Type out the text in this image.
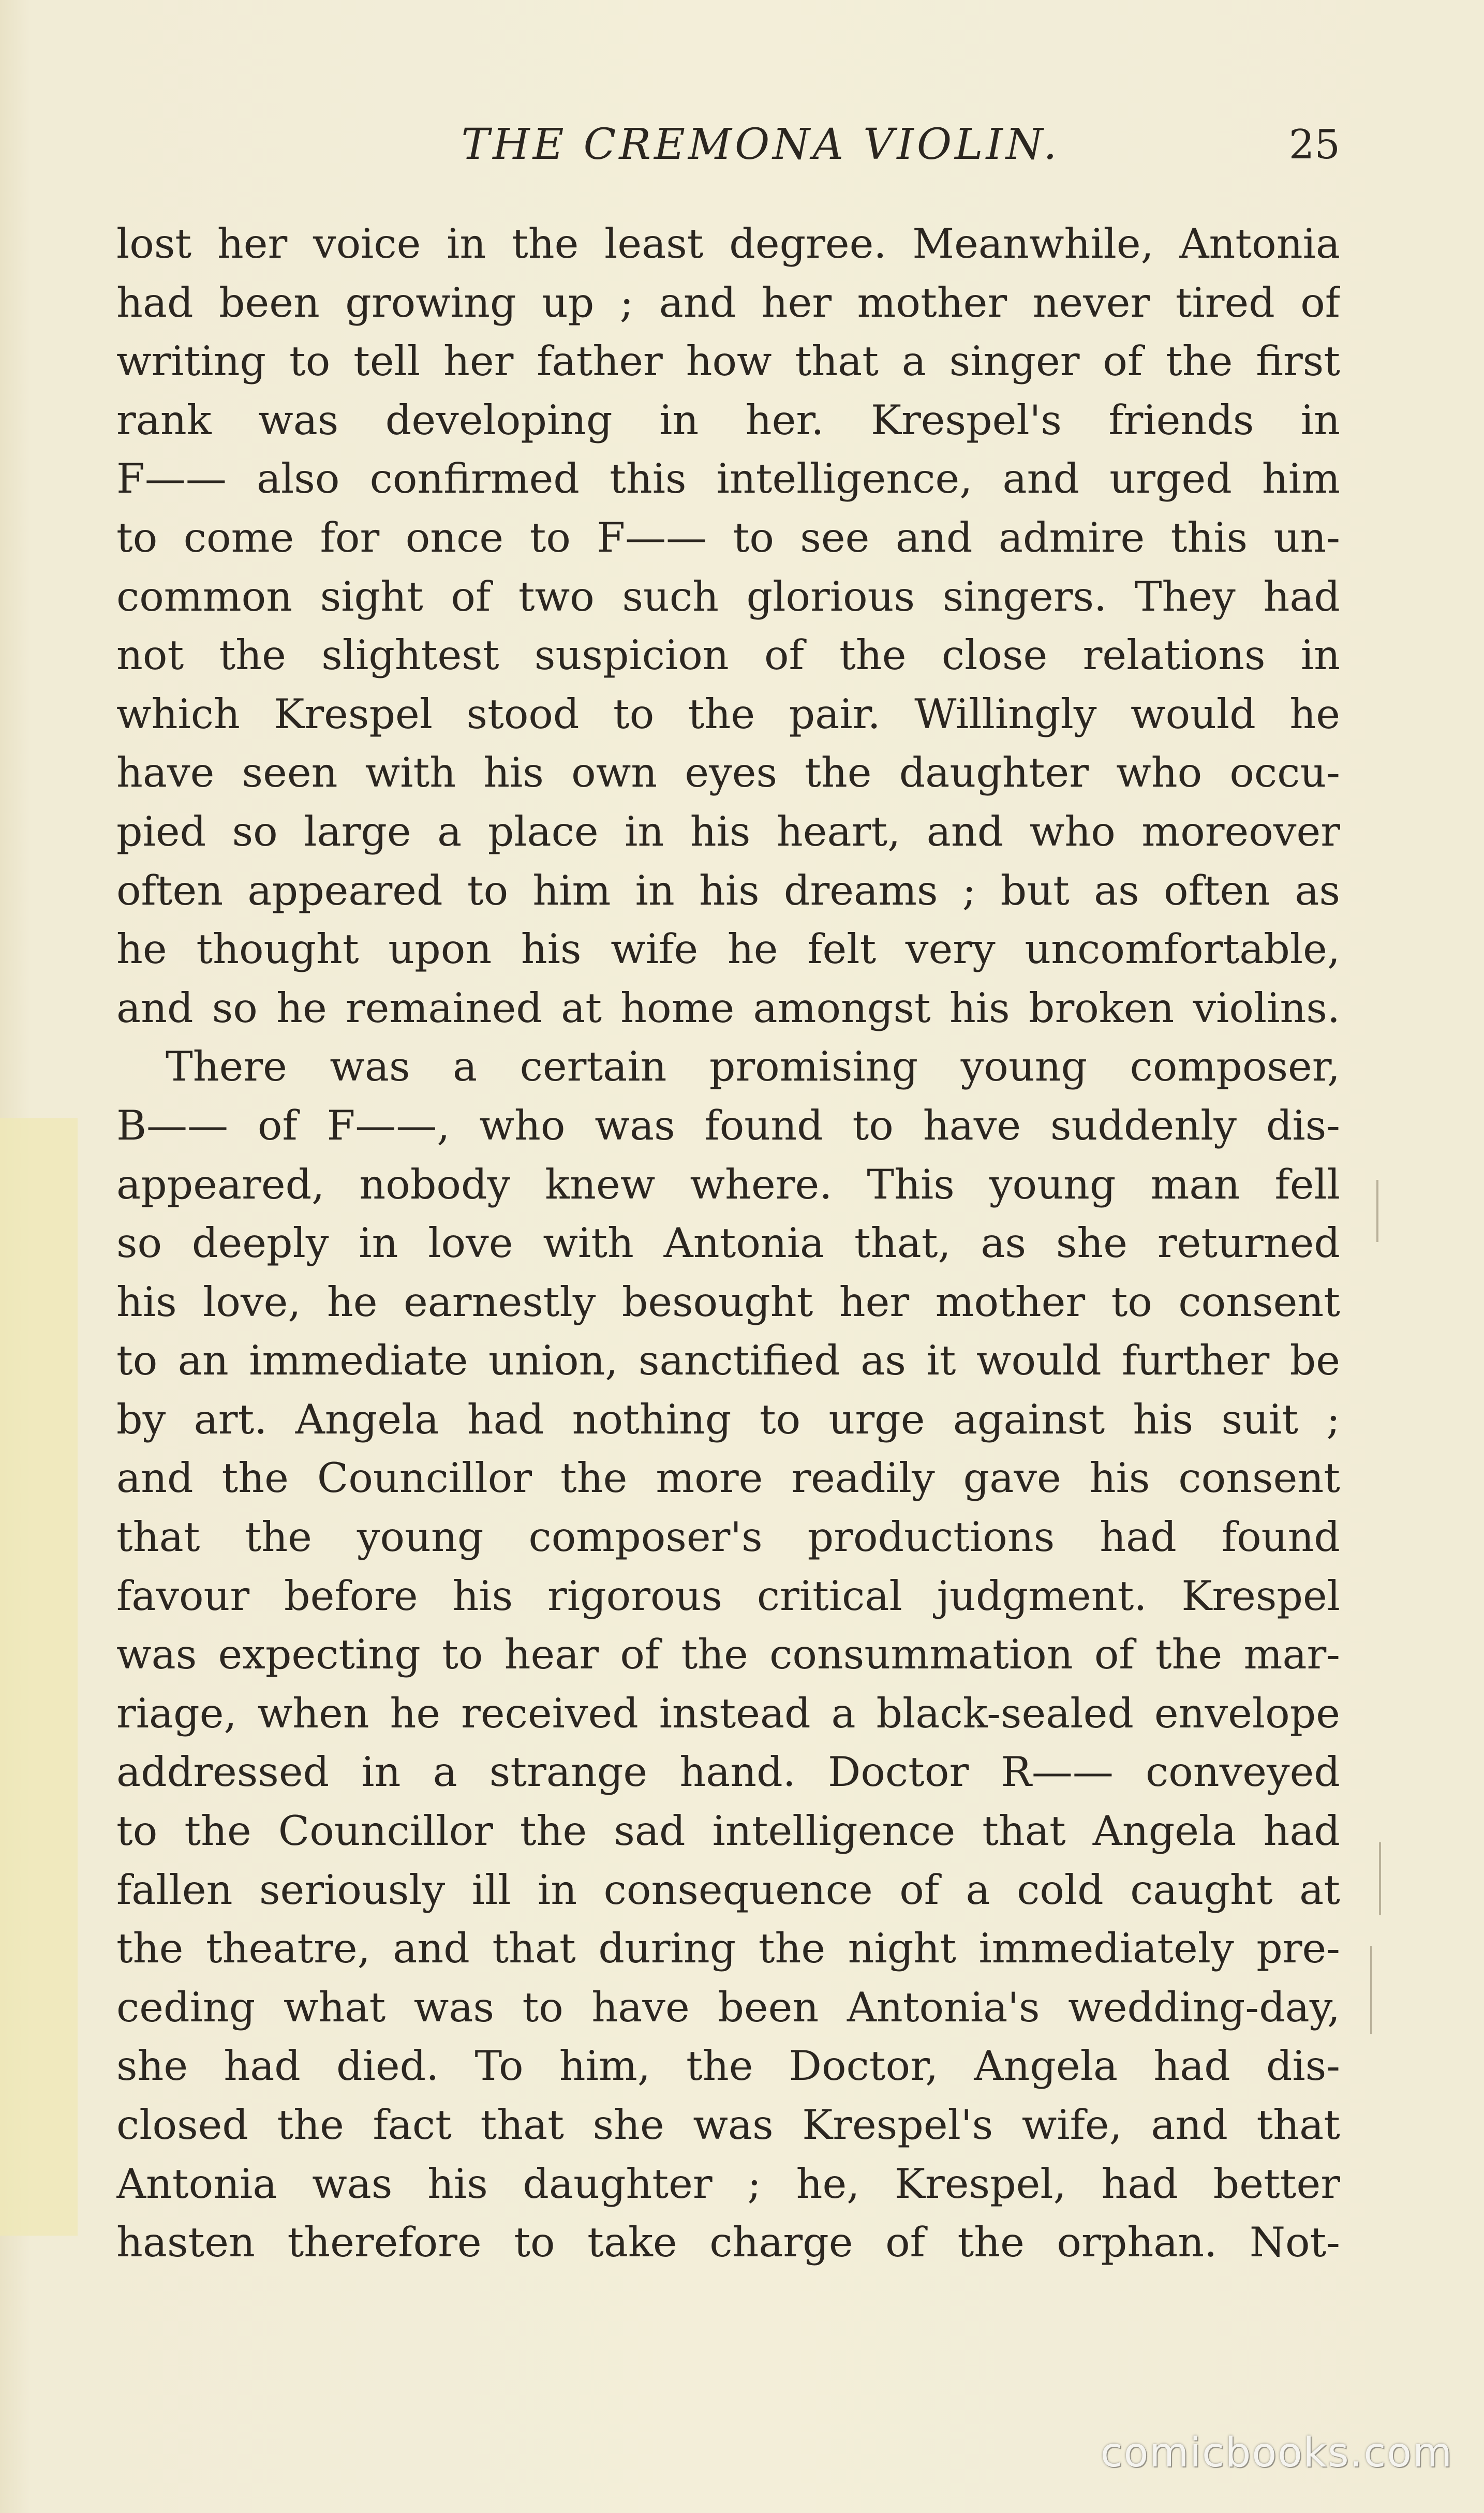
THE CREMONA VIOLIN.	25
lost her voice in the least degree. Meanwhile, Antonia
had been growing up ; and her mother never tired of
writing to tell her father how that a singer of the first
rank was developing in her. Krespel's friends in
F—— also confirmed this intelligence, and urged him
to come for once to F—— to see and admire this un-
common sight of two such glorious singers. They had
not the slightest suspicion of the close relations in
which Krespel stood to the pair. Willingly would he
have seen with his own eyes the daughter who occu-
pied so large a place in his heart, and who moreover
often appeared to him in his dreams ; but as often as
he thought upon his wife he felt very uncomfortable,
and so he remained at home amongst his broken violins.
There was a certain promising young composer,
B—— of F——, who was found to have suddenly dis-
appeared, nobody knew where. This young man fell
so deeply in love with Antonia that, as she returned
his love, he earnestly besought her mother to consent
to an immediate union, sanctified as it would further be
by art. Angela had nothing to urge against his suit ;
and the Councillor the more readily gave his consent
that the young composer's productions had found
favour before his rigorous critical judgment. Krespel
was expecting to hear of the consummation of the mar-
riage, when he received instead a black-sealed envelope
addressed in a strange hand. Doctor R—— conveyed
to the Councillor the sad intelligence that Angela had
fallen seriously ill in consequence of a cold caught at
the theatre, and that during the night immediately pre-
ceding what was to have been Antonia's wedding-day,
she had died. To him, the Doctor, Angela had dis-
closed the fact that she was Krespel's wife, and that
Antonia was his daughter ; he, Krespel, had better
hasten therefore to take charge of the orphan. Not-
comicbooks.com
